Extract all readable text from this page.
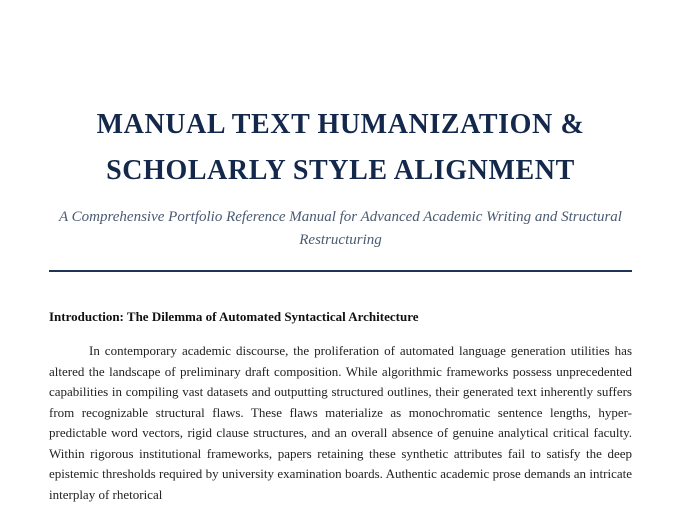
MANUAL TEXT HUMANIZATION &
SCHOLARLY STYLE ALIGNMENT

A Comprehensive Portfolio Reference Manual for Advanced Academic Writing and Structural
Restructuring

Introduction: The Dilemma of Automated Syntactical Architecture

In contemporary academic discourse, the proliferation of automated language generation utilities has altered the landscape of preliminary draft composition. While algorithmic frameworks possess unprecedented capabilities in compiling vast datasets and outputting structured outlines, their generated text inherently suffers from recognizable structural flaws. These flaws materialize as monochromatic sentence lengths, hyper-predictable word vectors, rigid clause structures, and an overall absence of genuine analytical critical faculty. Within rigorous institutional frameworks, papers retaining these synthetic attributes fail to satisfy the deep epistemic thresholds required by university examination boards. Authentic academic prose demands an intricate interplay of rhetorical
